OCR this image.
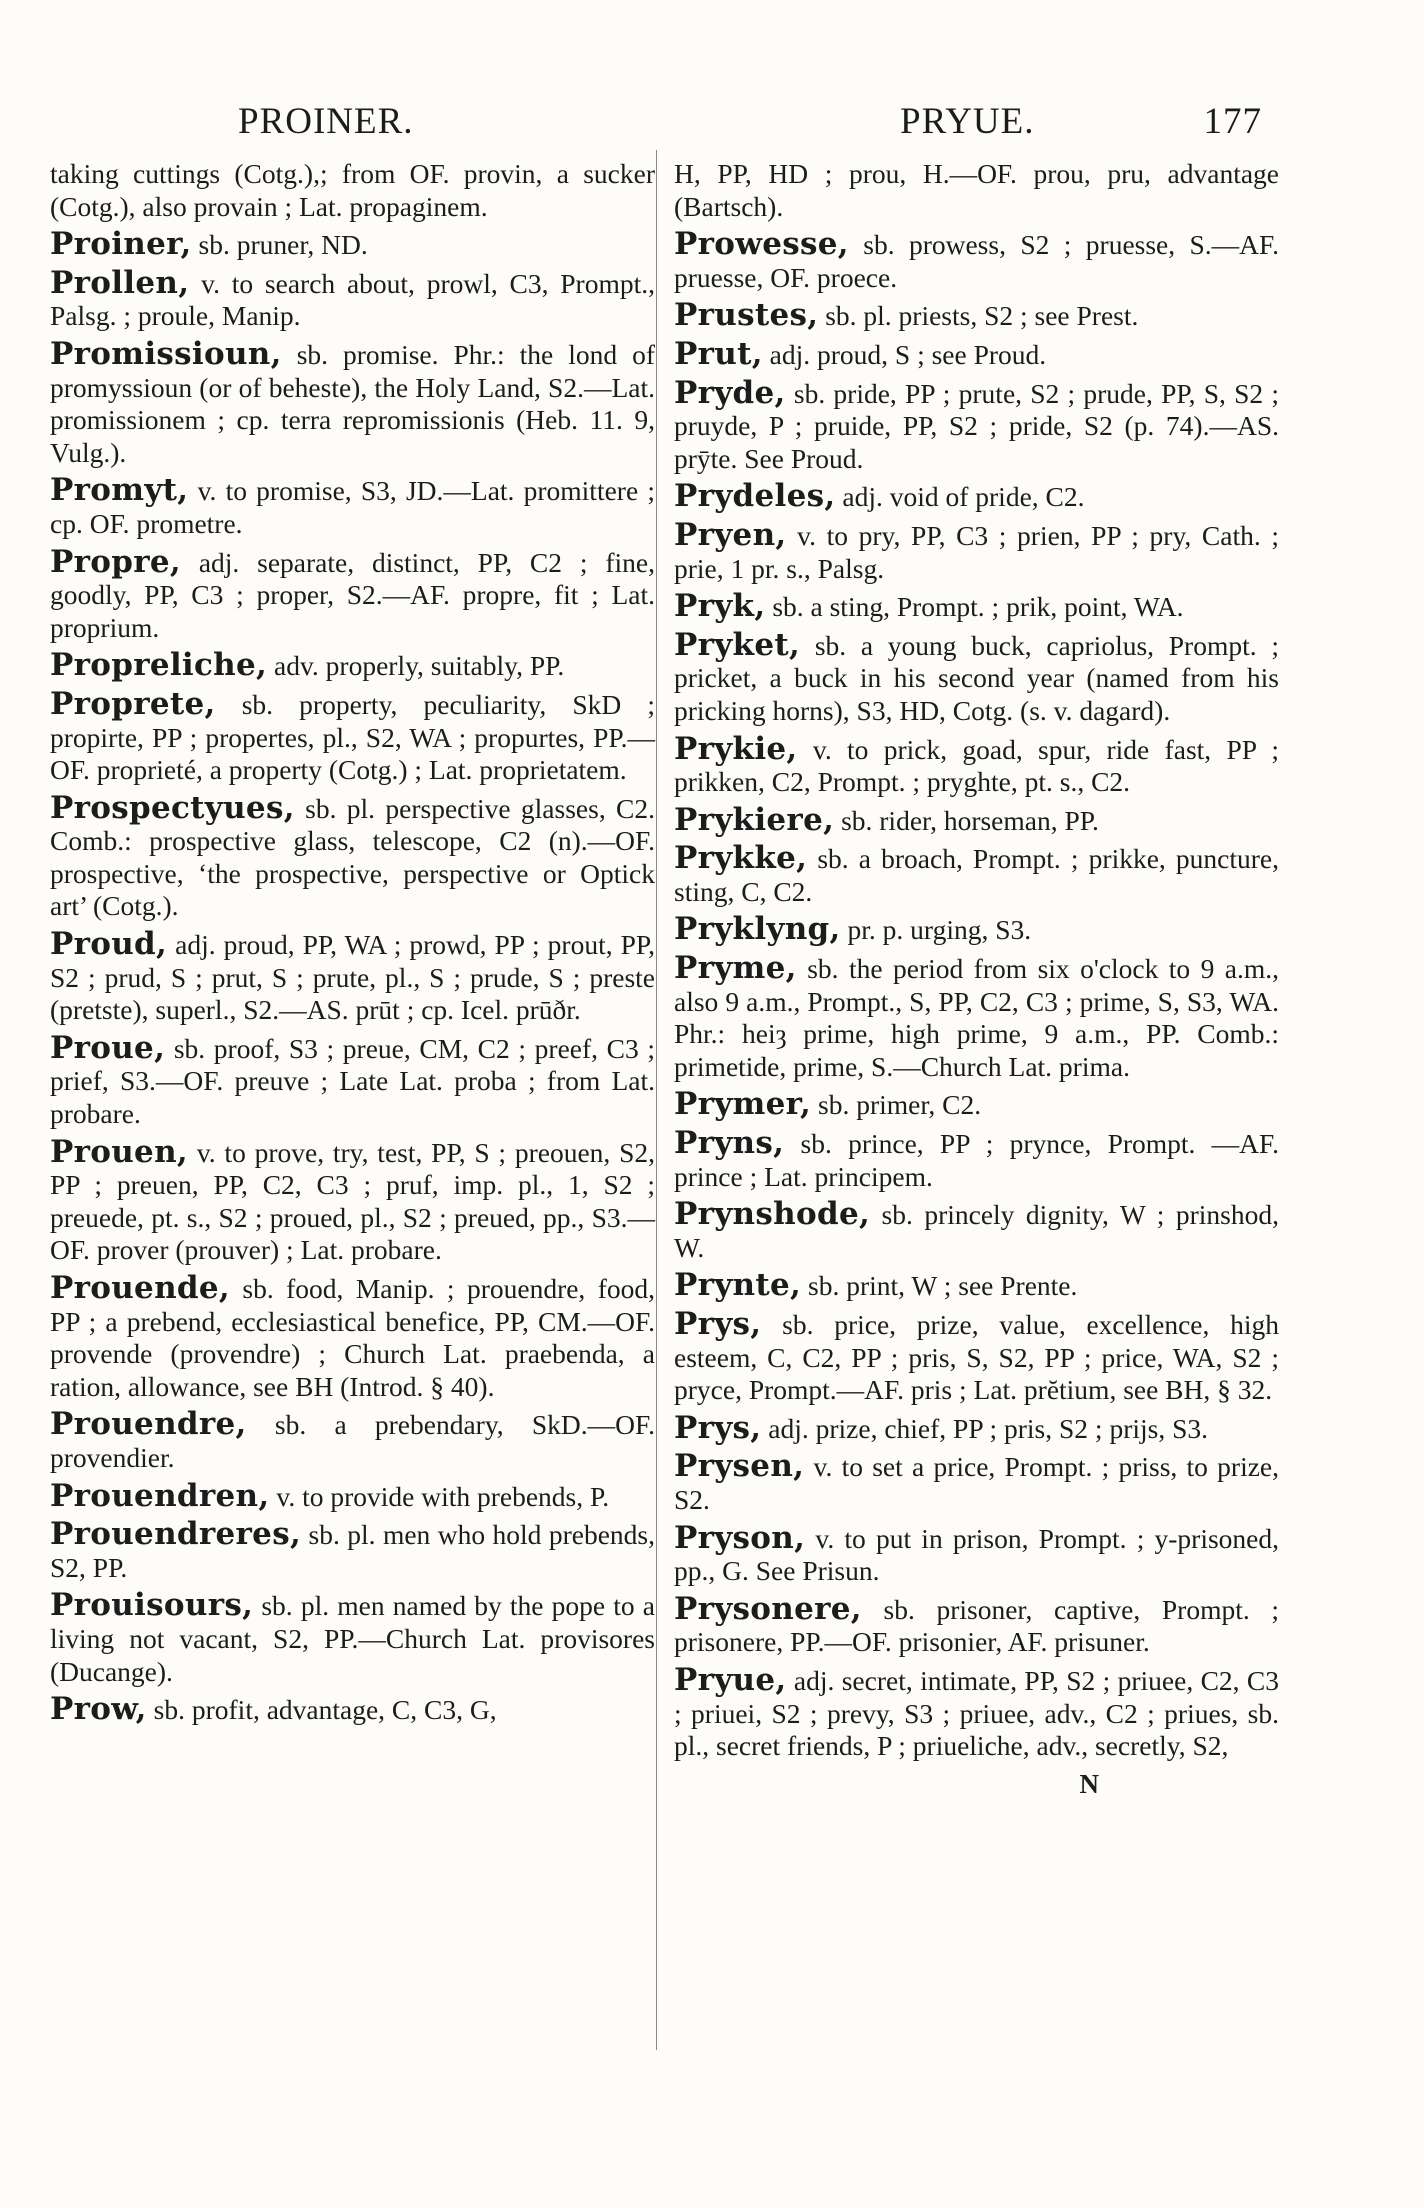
PROINER.	PRYUE.	177
taking cuttings (Cotg.),; from OF. provin, a sucker (Cotg.), also provain ; Lat. propaginem.
Proiner, sb. pruner, ND.
Prollen, v. to search about, prowl, C3, Prompt., Palsg. ; proule, Manip.
Promissioun, sb. promise. Phr.: the lond of promyssioun (or of beheste), the Holy Land, S2.—Lat. promissionem ; cp. terra repromissionis (Heb. 11. 9, Vulg.).
Promyt, v. to promise, S3, JD.—Lat. promittere ; cp. OF. prometre.
Propre, adj. separate, distinct, PP, C2 ; fine, goodly, PP, C3 ; proper, S2.—AF. propre, fit ; Lat. proprium.
Propreliche, adv. properly, suitably, PP.
Proprete, sb. property, peculiarity, SkD ; propirte, PP ; propertes, pl., S2, WA ; propurtes, PP.—OF. proprieté, a property (Cotg.) ; Lat. proprietatem.
Prospectyues, sb. pl. perspective glasses, C2. Comb.: prospective glass, telescope, C2 (n).—OF. prospective, ‘the prospective, perspective or Optick art’ (Cotg.).
Proud, adj. proud, PP, WA ; prowd, PP ; prout, PP, S2 ; prud, S ; prut, S ; prute, pl., S ; prude, S ; preste (pretste), superl., S2.—AS. prūt ; cp. Icel. prūðr.
Proue, sb. proof, S3 ; preue, CM, C2 ; preef, C3 ; prief, S3.—OF. preuve ; Late Lat. proba ; from Lat. probare.
Prouen, v. to prove, try, test, PP, S ; preouen, S2, PP ; preuen, PP, C2, C3 ; pruf, imp. pl., 1, S2 ; preuede, pt. s., S2 ; proued, pl., S2 ; preued, pp., S3.—OF. prover (prouver) ; Lat. probare.
Prouende, sb. food, Manip. ; prouendre, food, PP ; a prebend, ecclesiastical benefice, PP, CM.—OF. provende (provendre) ; Church Lat. praebenda, a ration, allowance, see BH (Introd. § 40).
Prouendre, sb. a prebendary, SkD.—OF. provendier.
Prouendren, v. to provide with prebends, P.
Prouendreres, sb. pl. men who hold prebends, S2, PP.
Prouisours, sb. pl. men named by the pope to a living not vacant, S2, PP.—Church Lat. provisores (Ducange).
Prow, sb. profit, advantage, C, C3, G,
H, PP, HD ; prou, H.—OF. prou, pru, advantage (Bartsch).
Prowesse, sb. prowess, S2 ; pruesse, S.—AF. pruesse, OF. proece.
Prustes, sb. pl. priests, S2 ; see Prest.
Prut, adj. proud, S ; see Proud.
Pryde, sb. pride, PP ; prute, S2 ; prude, PP, S, S2 ; pruyde, P ; pruide, PP, S2 ; pride, S2 (p. 74).—AS. prȳte. See Proud.
Prydeles, adj. void of pride, C2.
Pryen, v. to pry, PP, C3 ; prien, PP ; pry, Cath. ; prie, 1 pr. s., Palsg.
Pryk, sb. a sting, Prompt. ; prik, point, WA.
Pryket, sb. a young buck, capriolus, Prompt. ; pricket, a buck in his second year (named from his pricking horns), S3, HD, Cotg. (s. v. dagard).
Prykie, v. to prick, goad, spur, ride fast, PP ; prikken, C2, Prompt. ; pryghte, pt. s., C2.
Prykiere, sb. rider, horseman, PP.
Prykke, sb. a broach, Prompt. ; prikke, puncture, sting, C, C2.
Pryklyng, pr. p. urging, S3.
Pryme, sb. the period from six o'clock to 9 a.m., also 9 a.m., Prompt., S, PP, C2, C3 ; prime, S, S3, WA. Phr.: heiȝ prime, high prime, 9 a.m., PP. Comb.: primetide, prime, S.—Church Lat. prima.
Prymer, sb. primer, C2.
Pryns, sb. prince, PP ; prynce, Prompt. —AF. prince ; Lat. principem.
Prynshode, sb. princely dignity, W ; prinshod, W.
Prynte, sb. print, W ; see Prente.
Prys, sb. price, prize, value, excellence, high esteem, C, C2, PP ; pris, S, S2, PP ; price, WA, S2 ; pryce, Prompt.—AF. pris ; Lat. prĕtium, see BH, § 32.
Prys, adj. prize, chief, PP ; pris, S2 ; prijs, S3.
Prysen, v. to set a price, Prompt. ; priss, to prize, S2.
Pryson, v. to put in prison, Prompt. ; y-prisoned, pp., G. See Prisun.
Prysonere, sb. prisoner, captive, Prompt. ; prisonere, PP.—OF. prisonier, AF. prisuner.
Pryue, adj. secret, intimate, PP, S2 ; priuee, C2, C3 ; priuei, S2 ; prevy, S3 ; priuee, adv., C2 ; priues, sb. pl., secret friends, P ; priueliche, adv., secretly, S2,
N
